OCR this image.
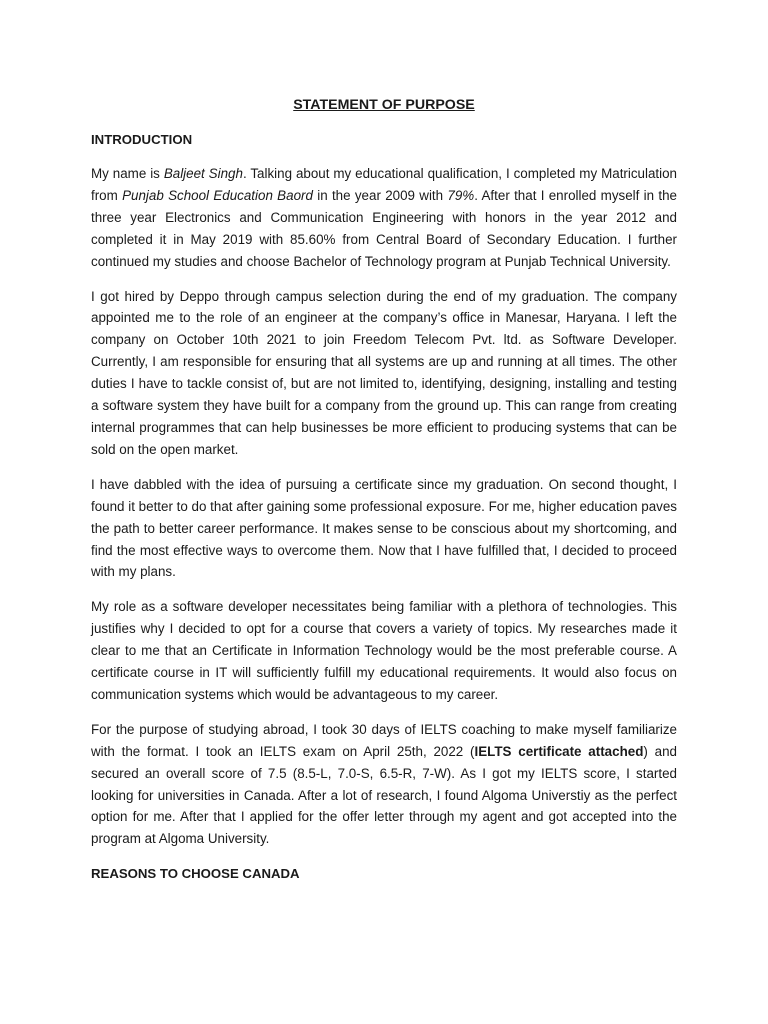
STATEMENT OF PURPOSE
INTRODUCTION

My name is Baljeet Singh. Talking about my educational qualification, I completed my Matriculation from Punjab School Education Baord in the year 2009 with 79%. After that I enrolled myself in the three year Electronics and Communication Engineering with honors in the year 2012 and completed it in May 2019 with 85.60% from Central Board of Secondary Education. I further continued my studies and choose Bachelor of Technology program at Punjab Technical University.

I got hired by Deppo through campus selection during the end of my graduation. The company appointed me to the role of an engineer at the company’s office in Manesar, Haryana. I left the company on October 10th 2021 to join Freedom Telecom Pvt. ltd. as Software Developer. Currently, I am responsible for ensuring that all systems are up and running at all times. The other duties I have to tackle consist of, but are not limited to, identifying, designing, installing and testing a software system they have built for a company from the ground up. This can range from creating internal programmes that can help businesses be more efficient to producing systems that can be sold on the open market.

I have dabbled with the idea of pursuing a certificate since my graduation. On second thought, I found it better to do that after gaining some professional exposure. For me, higher education paves the path to better career performance. It makes sense to be conscious about my shortcoming, and find the most effective ways to overcome them. Now that I have fulfilled that, I decided to proceed with my plans.

My role as a software developer necessitates being familiar with a plethora of technologies. This justifies why I decided to opt for a course that covers a variety of topics. My researches made it clear to me that an Certificate in Information Technology would be the most preferable course. A certificate course in IT will sufficiently fulfill my educational requirements. It would also focus on communication systems which would be advantageous to my career.

For the purpose of studying abroad, I took 30 days of IELTS coaching to make myself familiarize with the format. I took an IELTS exam on April 25th, 2022 (IELTS certificate attached) and secured an overall score of 7.5 (8.5-L, 7.0-S, 6.5-R, 7-W). As I got my IELTS score, I started looking for universities in Canada. After a lot of research, I found Algoma Universtiy as the perfect option for me. After that I applied for the offer letter through my agent and got accepted into the program at Algoma University.

REASONS TO CHOOSE CANADA
